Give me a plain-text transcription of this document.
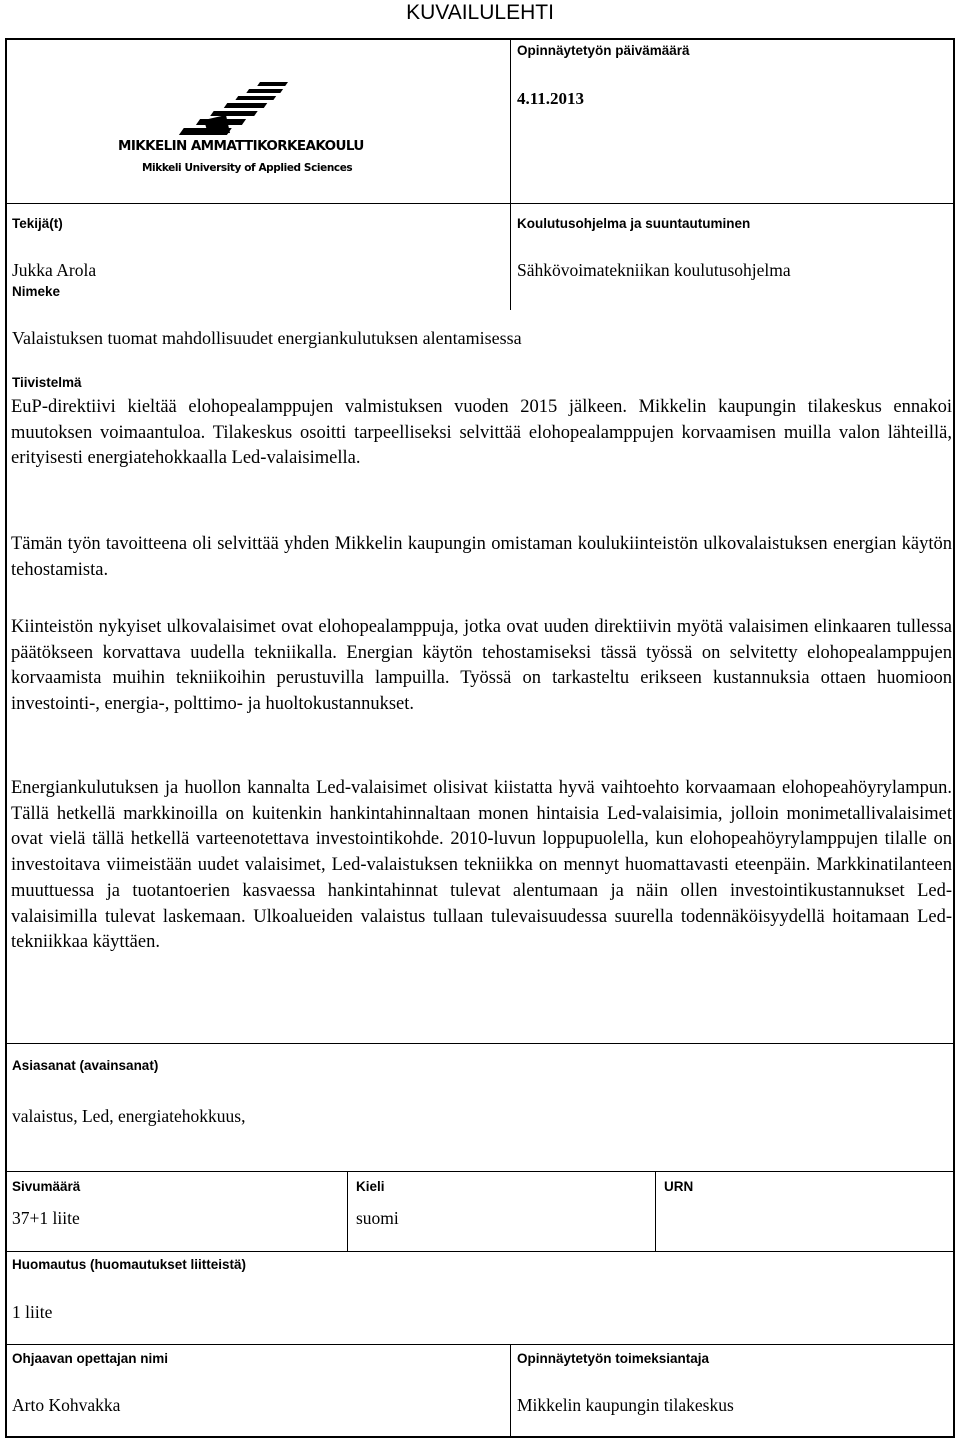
KUVAILULEHTI
MIKKELIN AMMATTIKORKEAKOULU
Mikkeli University of Applied Sciences
Opinnäytetyön päivämäärä
4.11.2013
Tekijä(t)
Jukka Arola
Nimeke
Koulutusohjelma ja suuntautuminen
Sähkövoimatekniikan koulutusohjelma
Valaistuksen tuomat mahdollisuudet energiankulutuksen alentamisessa
Tiivistelmä
EuP-direktiivi kieltää elohopealamppujen valmistuksen vuoden 2015 jälkeen. Mikkelin kaupungin tilakeskus ennakoi muutoksen voimaantuloa. Tilakeskus osoitti tarpeelliseksi selvittää elohopealamppujen korvaamisen muilla valon lähteillä, erityisesti energiatehokkaalla Led-valaisimella.
Tämän työn tavoitteena oli selvittää yhden Mikkelin kaupungin omistaman koulukiinteistön ulkovalaistuksen energian käytön tehostamista.
Kiinteistön nykyiset ulkovalaisimet ovat elohopealamppuja, jotka ovat uuden direktiivin myötä valaisimen elinkaaren tullessa päätökseen korvattava uudella tekniikalla. Energian käytön tehostamiseksi tässä työssä on selvitetty elohopealamppujen korvaamista muihin tekniikoihin perustuvilla lampuilla. Työssä on tarkasteltu erikseen kustannuksia ottaen huomioon investointi-, energia-, polttimo- ja huoltokustannukset.
Energiankulutuksen ja huollon kannalta Led-valaisimet olisivat kiistatta hyvä vaihtoehto korvaamaan elohopeahöyrylampun. Tällä hetkellä markkinoilla on kuitenkin hankintahinnaltaan monen hintaisia Led-valaisimia, jolloin monimetallivalaisimet ovat vielä tällä hetkellä varteenotettava investointikohde. 2010-luvun loppupuolella, kun elohopeahöyrylamppujen tilalle on investoitava viimeistään uudet valaisimet, Led-valaistuksen tekniikka on mennyt huomattavasti eteenpäin. Markkinatilanteen muuttuessa ja tuotantoerien kasvaessa hankintahinnat tulevat alentumaan ja näin ollen investointikustannukset Led-valaisimilla tulevat laskemaan. Ulkoalueiden valaistus tullaan tulevaisuudessa suurella todennäköisyydellä hoitamaan Led-tekniikkaa käyttäen.
Asiasanat (avainsanat)
valaistus, Led, energiatehokkuus,
Sivumäärä
37+1 liite
Kieli
suomi
URN
Huomautus (huomautukset liitteistä)
1 liite
Ohjaavan opettajan nimi
Arto Kohvakka
Opinnäytetyön toimeksiantaja
Mikkelin kaupungin tilakeskus
